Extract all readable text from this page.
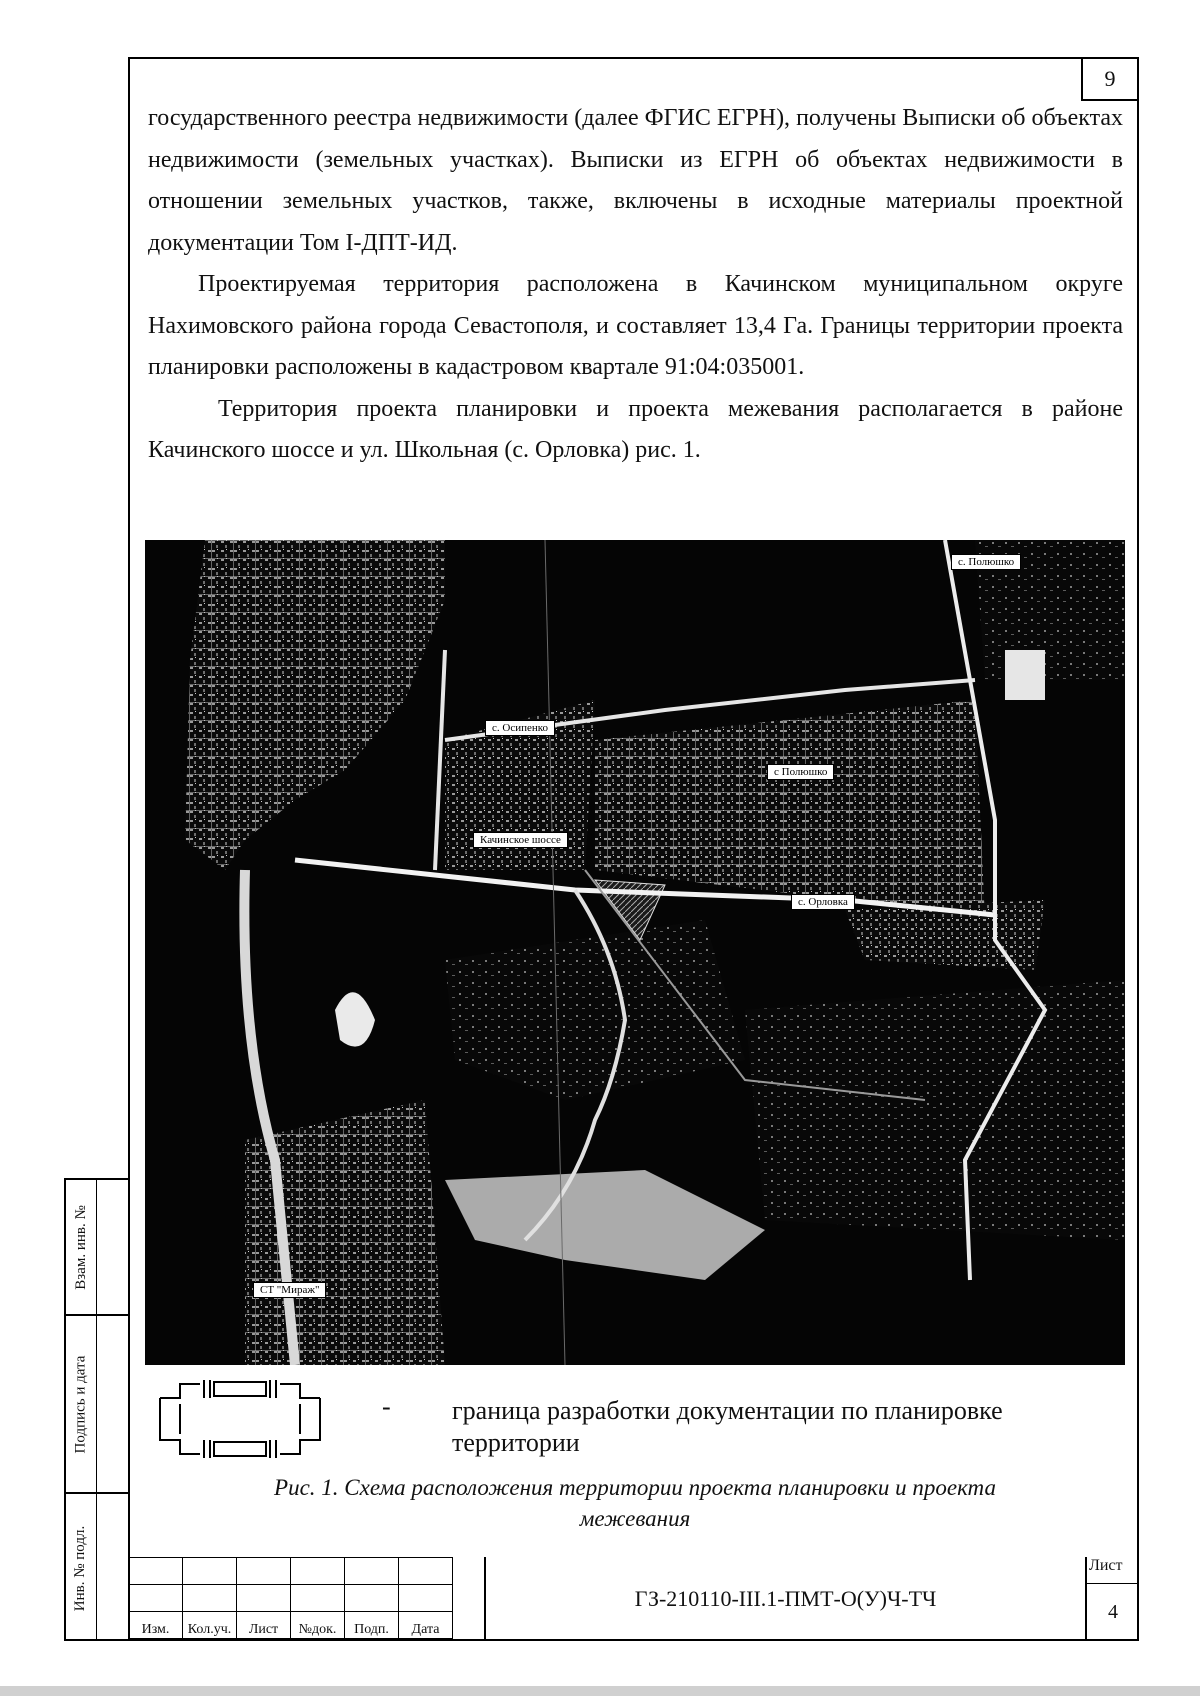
9

государственного реестра недвижимости (далее ФГИС ЕГРН), получены Выписки об объектах недвижимости (земельных участках). Выписки из ЕГРН об объектах недвижимости в отношении земельных участков, также, включены в исходные материалы проектной документации Том I-ДПТ-ИД.

Проектируемая территория расположена в Качинском муниципальном округе Нахимовского района города Севастополя, и составляет 13,4 Га. Границы территории проекта планировки расположены в кадастровом квартале 91:04:035001.

Территория проекта планировки и проекта межевания располагается в районе Качинского шоссе и ул. Школьная (с. Орловка) рис. 1.

с. Полюшко
с. Осипенко
с Полюшко
Качинское шоссе
с. Орловка
СТ "Мираж"
- граница разработки документации по планировке территории
Рис. 1. Схема расположения территории проекта планировки и проекта
межевания
Взам. инв. №
Подпись и дата
Инв. № подл.

Изм.	Кол.уч.	Лист	№док.	Подп.	Дата
ГЗ-210110-III.1-ПМТ-О(У)Ч-ТЧ
Лист
4
